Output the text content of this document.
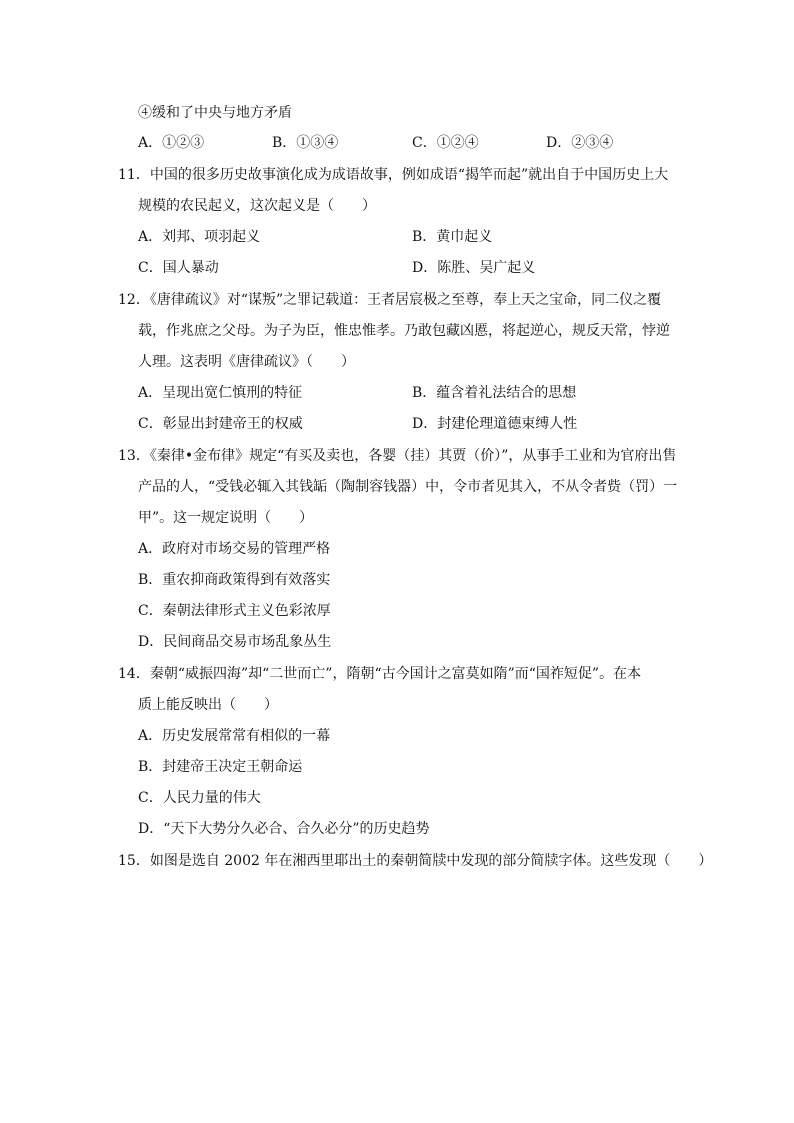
④缓和了中央与地方矛盾
A．①②③	B．①③④	C．①②④	D．②③④
11．中国的很多历史故事演化成为成语故事，例如成语“揭竿而起”就出自于中国历史上大
规模的农民起义，这次起义是（　　）
A．刘邦、项羽起义	B．黄巾起义
C．国人暴动	D．陈胜、吴广起义
12．《唐律疏议》对“谋叛”之罪记载道：王者居宸极之至尊，奉上天之宝命，同二仪之覆
载，作兆庶之父母。为子为臣，惟忠惟孝。乃敢包藏凶慝，将起逆心，规反天常，悖逆
人理。这表明《唐律疏议》（　　）
A．呈现出宽仁慎刑的特征	B．蕴含着礼法结合的思想
C．彰显出封建帝王的权威	D．封建伦理道德束缚人性
13．《秦律•金布律》规定“有买及卖也，各婴（挂）其贾（价）”，从事手工业和为官府出售
产品的人，“受钱必辄入其钱缿（陶制容钱器）中，令市者见其入，不从令者赀（罚）一
甲”。这一规定说明（　　）
A．政府对市场交易的管理严格
B．重农抑商政策得到有效落实
C．秦朝法律形式主义色彩浓厚
D．民间商品交易市场乱象丛生
14．秦朝“威振四海”却“二世而亡”，隋朝“古今国计之富莫如隋”而“国祚短促”。在本
质上能反映出（　　）
A．历史发展常常有相似的一幕
B．封建帝王决定王朝命运
C．人民力量的伟大
D．“天下大势分久必合、合久必分”的历史趋势
15．如图是选自 2002 年在湘西里耶出土的秦朝简牍中发现的部分简牍字体。这些发现（　　）
